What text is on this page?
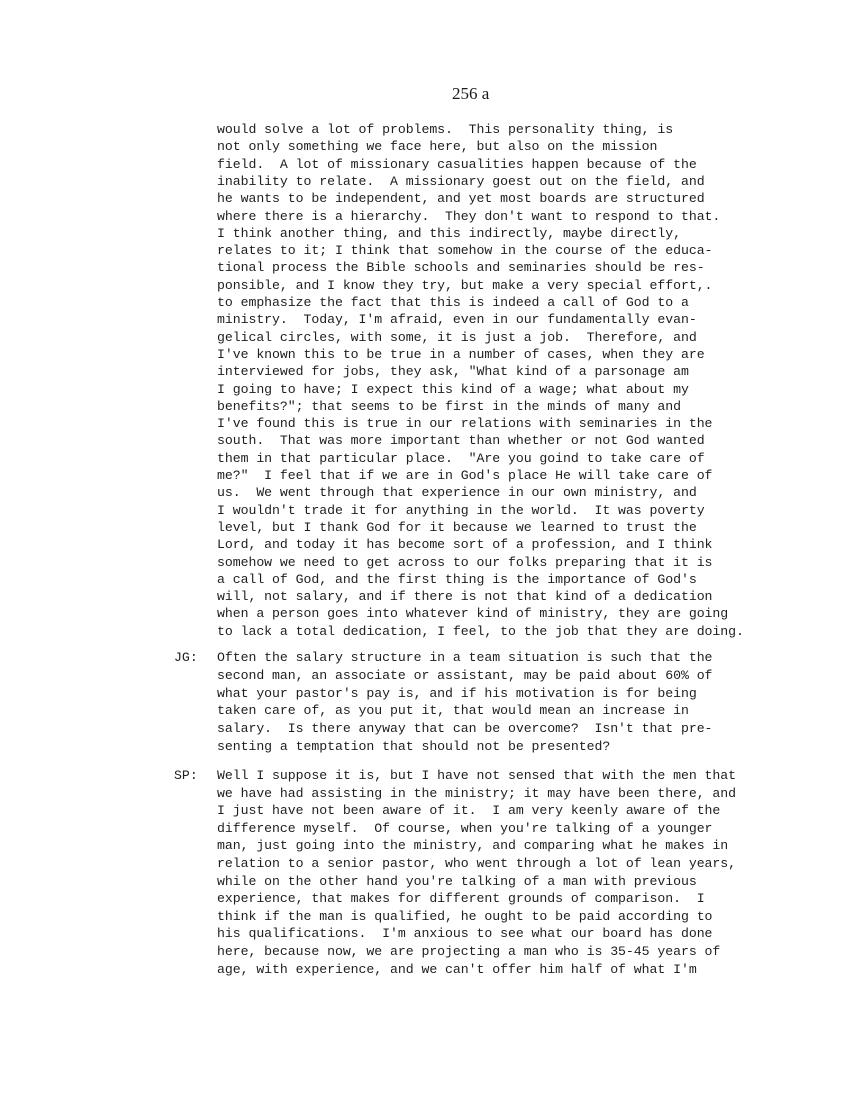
256 a
would solve a lot of problems.  This personality thing, is
not only something we face here, but also on the mission
field.  A lot of missionary casualities happen because of the
inability to relate.  A missionary goest out on the field, and
he wants to be independent, and yet most boards are structured
where there is a hierarchy.  They don't want to respond to that.
I think another thing, and this indirectly, maybe directly,
relates to it; I think that somehow in the course of the educa-
tional process the Bible schools and seminaries should be res-
ponsible, and I know they try, but make a very special effort,.
to emphasize the fact that this is indeed a call of God to a
ministry.  Today, I'm afraid, even in our fundamentally evan-
gelical circles, with some, it is just a job.  Therefore, and
I've known this to be true in a number of cases, when they are
interviewed for jobs, they ask, "What kind of a parsonage am
I going to have; I expect this kind of a wage; what about my
benefits?"; that seems to be first in the minds of many and
I've found this is true in our relations with seminaries in the
south.  That was more important than whether or not God wanted
them in that particular place.  "Are you goind to take care of
me?"  I feel that if we are in God's place He will take care of
us.  We went through that experience in our own ministry, and
I wouldn't trade it for anything in the world.  It was poverty
level, but I thank God for it because we learned to trust the
Lord, and today it has become sort of a profession, and I think
somehow we need to get across to our folks preparing that it is
a call of God, and the first thing is the importance of God's
will, not salary, and if there is not that kind of a dedication
when a person goes into whatever kind of ministry, they are going
to lack a total dedication, I feel, to the job that they are doing.
JG: Often the salary structure in a team situation is such that the
second man, an associate or assistant, may be paid about 60% of
what your pastor's pay is, and if his motivation is for being
taken care of, as you put it, that would mean an increase in
salary.  Is there anyway that can be overcome?  Isn't that pre-
senting a temptation that should not be presented?
SP: Well I suppose it is, but I have not sensed that with the men that
we have had assisting in the ministry; it may have been there, and
I just have not been aware of it.  I am very keenly aware of the
difference myself.  Of course, when you're talking of a younger
man, just going into the ministry, and comparing what he makes in
relation to a senior pastor, who went through a lot of lean years,
while on the other hand you're talking of a man with previous
experience, that makes for different grounds of comparison.  I
think if the man is qualified, he ought to be paid according to
his qualifications.  I'm anxious to see what our board has done
here, because now, we are projecting a man who is 35-45 years of
age, with experience, and we can't offer him half of what I'm
